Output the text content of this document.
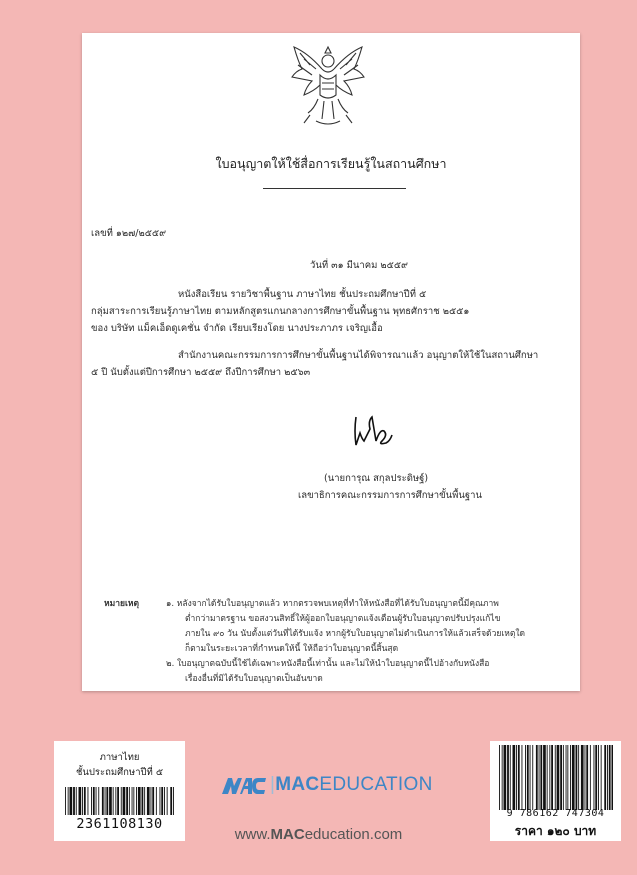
ใบอนุญาตให้ใช้สื่อการเรียนรู้ในสถานศึกษา
เลขที่ ๑๒๗/๒๕๕๙
วันที่ ๓๑ มีนาคม ๒๕๕๙
หนังสือเรียน รายวิชาพื้นฐาน ภาษาไทย ชั้นประถมศึกษาปีที่ ๕
กลุ่มสาระการเรียนรู้ภาษาไทย ตามหลักสูตรแกนกลางการศึกษาขั้นพื้นฐาน พุทธศักราช ๒๕๕๑
ของ บริษัท แม็คเอ็ดดูเคชั่น จำกัด เรียบเรียงโดย นางประภาภร เจริญเอื้อ
สำนักงานคณะกรรมการการศึกษาขั้นพื้นฐานได้พิจารณาแล้ว อนุญาตให้ใช้ในสถานศึกษา
๕ ปี นับตั้งแต่ปีการศึกษา ๒๕๕๙ ถึงปีการศึกษา ๒๕๖๓
(นายการุณ สกุลประดิษฐ์)
เลขาธิการคณะกรรมการการศึกษาขั้นพื้นฐาน
หมายเหตุ	๑. หลังจากได้รับใบอนุญาตแล้ว หากตรวจพบเหตุที่ทำให้หนังสือที่ได้รับใบอนุญาตนี้มีคุณภาพ
ต่ำกว่ามาตรฐาน ขอสงวนสิทธิ์ให้ผู้ออกใบอนุญาตแจ้งเตือนผู้รับใบอนุญาตปรับปรุงแก้ไข
ภายใน ๙๐ วัน นับตั้งแต่วันที่ได้รับแจ้ง หากผู้รับใบอนุญาตไม่ดำเนินการให้แล้วเสร็จด้วยเหตุใด
ก็ตามในระยะเวลาที่กำหนดให้นี้ ให้ถือว่าใบอนุญาตนี้สิ้นสุด
๒. ใบอนุญาตฉบับนี้ใช้ได้เฉพาะหนังสือนี้เท่านั้น และไม่ให้นำใบอนุญาตนี้ไปอ้างกับหนังสือ
เรื่องอื่นที่มิได้รับใบอนุญาตเป็นอันขาด
ภาษาไทย
ชั้นประถมศึกษาปีที่ ๕
2361108130
|MACEDUCATION
www.MACeducation.com
9 786162 747304
ราคา ๑๒๐ บาท
